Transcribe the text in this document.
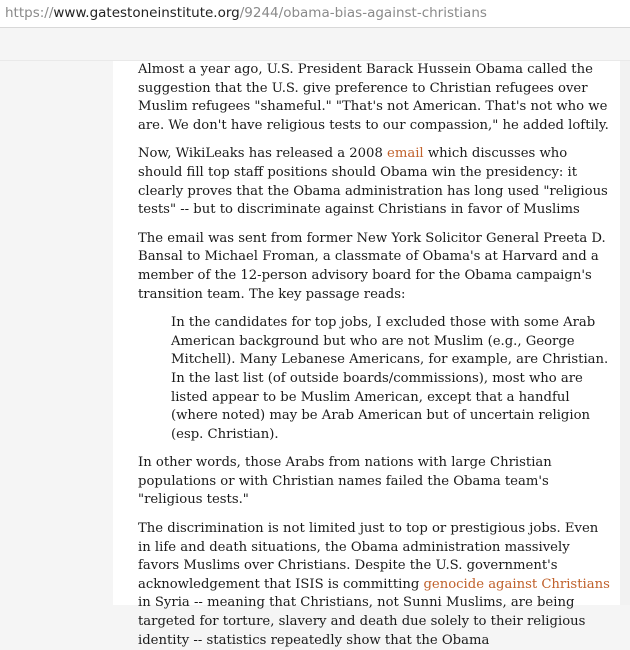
https://www.gatestoneinstitute.org/9244/obama-bias-against-christians

Almost a year ago, U.S. President Barack Hussein Obama called the suggestion that the U.S. give preference to Christian refugees over Muslim refugees "shameful." "That's not American. That's not who we are. We don't have religious tests to our compassion," he added loftily.

Now, WikiLeaks has released a 2008 email which discusses who should fill top staff positions should Obama win the presidency: it clearly proves that the Obama administration has long used "religious tests" -- but to discriminate against Christians in favor of Muslims

The email was sent from former New York Solicitor General Preeta D. Bansal to Michael Froman, a classmate of Obama's at Harvard and a member of the 12-person advisory board for the Obama campaign's transition team. The key passage reads:

In the candidates for top jobs, I excluded those with some Arab American background but who are not Muslim (e.g., George Mitchell). Many Lebanese Americans, for example, are Christian. In the last list (of outside boards/commissions), most who are listed appear to be Muslim American, except that a handful (where noted) may be Arab American but of uncertain religion (esp. Christian).

In other words, those Arabs from nations with large Christian populations or with Christian names failed the Obama team's "religious tests."

The discrimination is not limited just to top or prestigious jobs. Even in life and death situations, the Obama administration massively favors Muslims over Christians. Despite the U.S. government's acknowledgement that ISIS is committing genocide against Christians in Syria -- meaning that Christians, not Sunni Muslims, are being targeted for torture, slavery and death due solely to their religious identity -- statistics repeatedly show that the Obama
